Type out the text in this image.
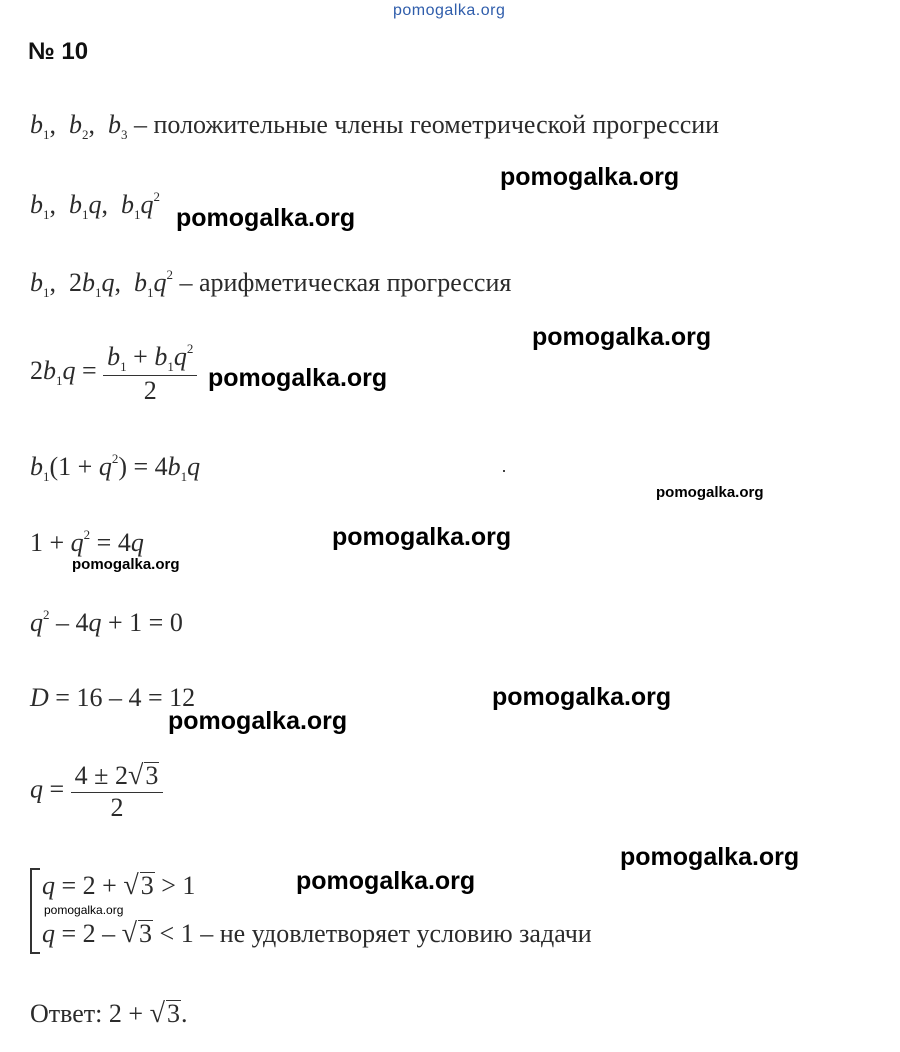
pomogalka.org
№ 10
$b_1$,  $b_2$,  $b_3$ – положительные члены геометрической прогрессии
$b_1$,  $b_1q$,  $b_1q^2$
$b_1$,  $2b_1q$,  $b_1q^2$ – арифметическая прогрессия
$2b_1q = \frac{b_1 + b_1q^2}{2}$
$b_1(1 + q^2) = 4b_1q$
$1 + q^2 = 4q$
$q^2 - 4q + 1 = 0$
D = 16 – 4 = 12
$q = \frac{4 \pm 2√3}{2}$
q = 2 + √3 > 1
q = 2 – √3 < 1 – не удовлетворяет условию задачи
Ответ: 2 + √3.
pomogalka.org
pomogalka.org
pomogalka.org
pomogalka.org
pomogalka.org
pomogalka.org
pomogalka.org
pomogalka.org
pomogalka.org
pomogalka.org
pomogalka.org
pomogalka.org
